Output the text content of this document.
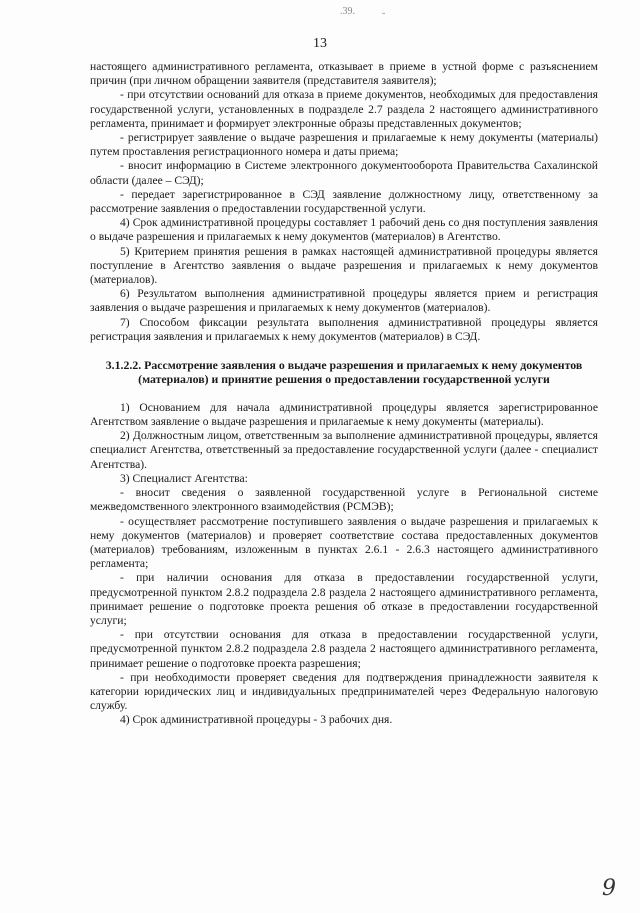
.39.
˘
13

настоящего административного регламента, отказывает в приеме в устной форме с разъяснением причин (при личном обращении заявителя (представителя заявителя);

- при отсутствии оснований для отказа в приеме документов, необходимых для предоставления государственной услуги, установленных в подразделе 2.7 раздела 2 настоящего административного регламента, принимает и формирует электронные образы представленных документов;

- регистрирует заявление о выдаче разрешения и прилагаемые к нему документы (материалы) путем проставления регистрационного номера и даты приема;

- вносит информацию в Системе электронного документооборота Правительства Сахалинской области (далее – СЭД);

- передает зарегистрированное в СЭД заявление должностному лицу, ответственному за рассмотрение заявления о предоставлении государственной услуги.

4) Срок административной процедуры составляет 1 рабочий день со дня поступления заявления о выдаче разрешения и прилагаемых к нему документов (материалов) в Агентство.

5) Критерием принятия решения в рамках настоящей административной процедуры является поступление в Агентство заявления о выдаче разрешения и прилагаемых к нему документов (материалов).

6) Результатом выполнения административной процедуры является прием и регистрация заявления о выдаче разрешения и прилагаемых к нему документов (материалов).

7) Способом фиксации результата выполнения административной процедуры является регистрация заявления и прилагаемых к нему документов (материалов) в СЭД.

3.1.2.2. Рассмотрение заявления о выдаче разрешения и прилагаемых к нему документов (материалов) и принятие решения о предоставлении государственной услуги

1) Основанием для начала административной процедуры является зарегистрированное Агентством заявление о выдаче разрешения и прилагаемые к нему документы (материалы).

2) Должностным лицом, ответственным за выполнение административной процедуры, является специалист Агентства, ответственный за предоставление государственной услуги (далее - специалист Агентства).

3) Специалист Агентства:

- вносит сведения о заявленной государственной услуге в Региональной системе межведомственного электронного взаимодействия (РСМЭВ);

- осуществляет рассмотрение поступившего заявления о выдаче разрешения и прилагаемых к нему документов (материалов) и проверяет соответствие состава предоставленных документов (материалов) требованиям, изложенным в пунктах 2.6.1 - 2.6.3 настоящего административного регламента;

- при наличии основания для отказа в предоставлении государственной услуги, предусмотренной пунктом 2.8.2 подраздела 2.8 раздела 2 настоящего административного регламента, принимает решение о подготовке проекта решения об отказе в предоставлении государственной услуги;

- при отсутствии основания для отказа в предоставлении государственной услуги, предусмотренной пунктом 2.8.2 подраздела 2.8 раздела 2 настоящего административного регламента, принимает решение о подготовке проекта разрешения;

- при необходимости проверяет сведения для подтверждения принадлежности заявителя к категории юридических лиц и индивидуальных предпринимателей через Федеральную налоговую службу.

4) Срок административной процедуры - 3 рабочих дня.

9
